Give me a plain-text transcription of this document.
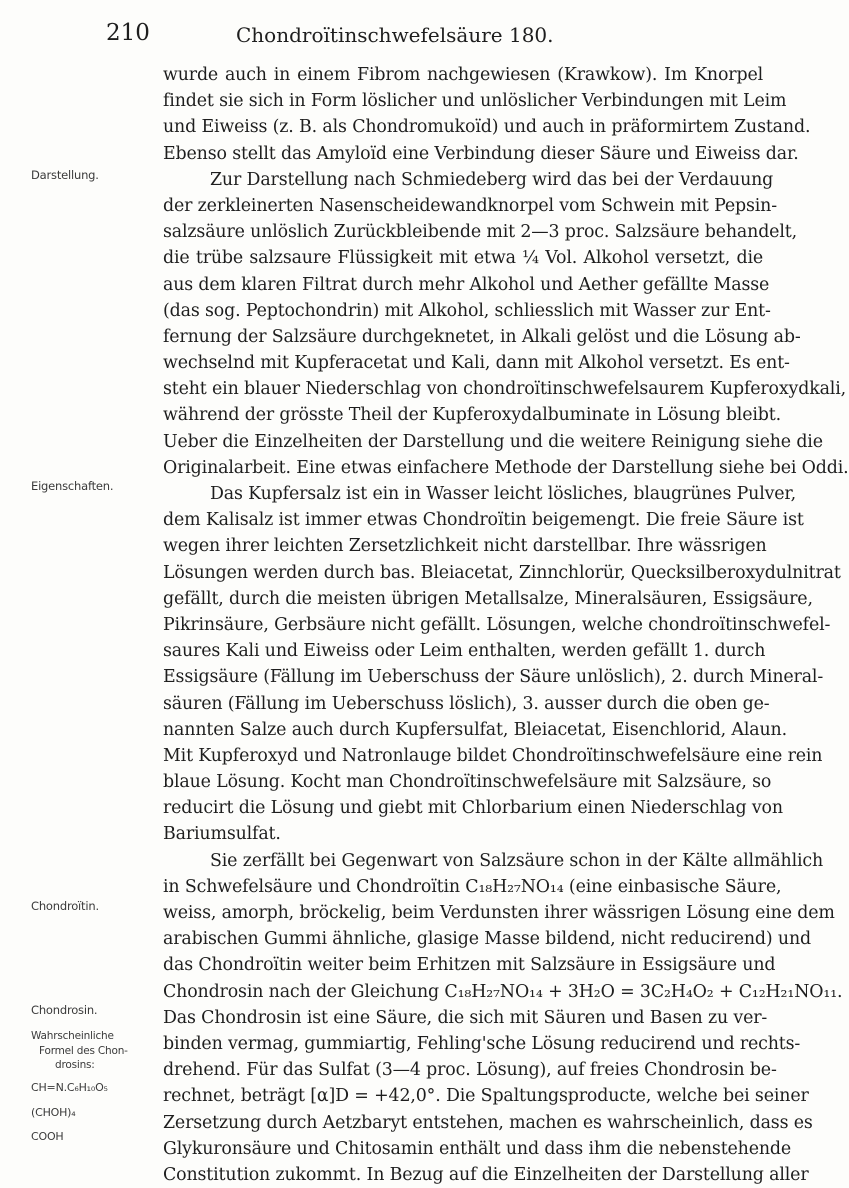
210	Chondroïtinschwefelsäure 180.
Darstellung.
Eigenschaften.
Chondroïtin.
Chondrosin.
Wahrscheinliche
Formel des Chon-
drosins:
CH=N.C₆H₁₀O₅
(CHOH)₄
COOH
wurde auch in einem Fibrom nachgewiesen (Krawkow). Im Knorpel
findet sie sich in Form löslicher und unlöslicher Verbindungen mit Leim
und Eiweiss (z. B. als Chondromukoïd) und auch in präformirtem Zustand.
Ebenso stellt das Amyloïd eine Verbindung dieser Säure und Eiweiss dar.
Zur Darstellung nach Schmiedeberg wird das bei der Verdauung
der zerkleinerten Nasenscheidewandknorpel vom Schwein mit Pepsin-
salzsäure unlöslich Zurückbleibende mit 2—3 proc. Salzsäure behandelt,
die trübe salzsaure Flüssigkeit mit etwa ¼ Vol. Alkohol versetzt, die
aus dem klaren Filtrat durch mehr Alkohol und Aether gefällte Masse
(das sog. Peptochondrin) mit Alkohol, schliesslich mit Wasser zur Ent-
fernung der Salzsäure durchgeknetet, in Alkali gelöst und die Lösung ab-
wechselnd mit Kupferacetat und Kali, dann mit Alkohol versetzt. Es ent-
steht ein blauer Niederschlag von chondroïtinschwefelsaurem Kupferoxydkali,
während der grösste Theil der Kupferoxydalbuminate in Lösung bleibt.
Ueber die Einzelheiten der Darstellung und die weitere Reinigung siehe die
Originalarbeit. Eine etwas einfachere Methode der Darstellung siehe bei Oddi.
Das Kupfersalz ist ein in Wasser leicht lösliches, blaugrünes Pulver,
dem Kalisalz ist immer etwas Chondroïtin beigemengt. Die freie Säure ist
wegen ihrer leichten Zersetzlichkeit nicht darstellbar. Ihre wässrigen
Lösungen werden durch bas. Bleiacetat, Zinnchlorür, Quecksilberoxydulnitrat
gefällt, durch die meisten übrigen Metallsalze, Mineralsäuren, Essigsäure,
Pikrinsäure, Gerbsäure nicht gefällt. Lösungen, welche chondroïtinschwefel-
saures Kali und Eiweiss oder Leim enthalten, werden gefällt 1. durch
Essigsäure (Fällung im Ueberschuss der Säure unlöslich), 2. durch Mineral-
säuren (Fällung im Ueberschuss löslich), 3. ausser durch die oben ge-
nannten Salze auch durch Kupfersulfat, Bleiacetat, Eisenchlorid, Alaun.
Mit Kupferoxyd und Natronlauge bildet Chondroïtinschwefelsäure eine rein
blaue Lösung. Kocht man Chondroïtinschwefelsäure mit Salzsäure, so
reducirt die Lösung und giebt mit Chlorbarium einen Niederschlag von
Bariumsulfat.
Sie zerfällt bei Gegenwart von Salzsäure schon in der Kälte allmählich
in Schwefelsäure und Chondroïtin C₁₈H₂₇NO₁₄ (eine einbasische Säure,
weiss, amorph, bröckelig, beim Verdunsten ihrer wässrigen Lösung eine dem
arabischen Gummi ähnliche, glasige Masse bildend, nicht reducirend) und
das Chondroïtin weiter beim Erhitzen mit Salzsäure in Essigsäure und
Chondrosin nach der Gleichung C₁₈H₂₇NO₁₄ + 3H₂O = 3C₂H₄O₂ + C₁₂H₂₁NO₁₁.
Das Chondrosin ist eine Säure, die sich mit Säuren und Basen zu ver-
binden vermag, gummiartig, Fehling'sche Lösung reducirend und rechts-
drehend. Für das Sulfat (3—4 proc. Lösung), auf freies Chondrosin be-
rechnet, beträgt [α]D = +42,0°. Die Spaltungsproducte, welche bei seiner
Zersetzung durch Aetzbaryt entstehen, machen es wahrscheinlich, dass es
Glykuronsäure und Chitosamin enthält und dass ihm die nebenstehende
Constitution zukommt. In Bezug auf die Einzelheiten der Darstellung aller
